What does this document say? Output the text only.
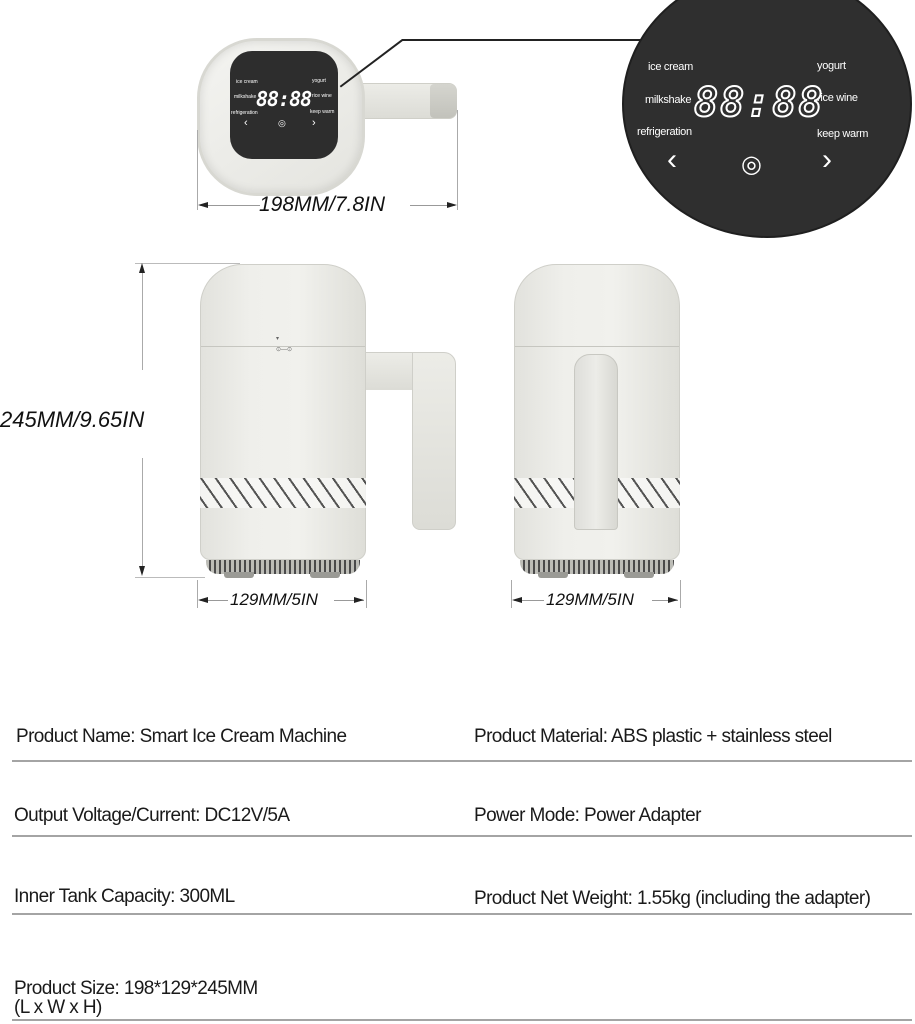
ice cream
milkshake
refrigeration
yogurt
rice wine
keep warm
88:88
‹	◎ ›
198MM/7.8IN
ice cream
milkshake
refrigeration
yogurt
rice wine
keep warm
88:88
‹	◎ ›
245MM/9.65IN
▾
⊙—⊙
129MM/5IN	129MM/5IN
Product Name: Smart Ice Cream Machine	Product Material: ABS plastic + stainless steel
Output Voltage/Current: DC12V/5A	Power Mode: Power Adapter
Inner Tank Capacity: 300ML	Product Net Weight: 1.55kg (including the adapter)
Product Size: 198*129*245MM
(L x W x H)
